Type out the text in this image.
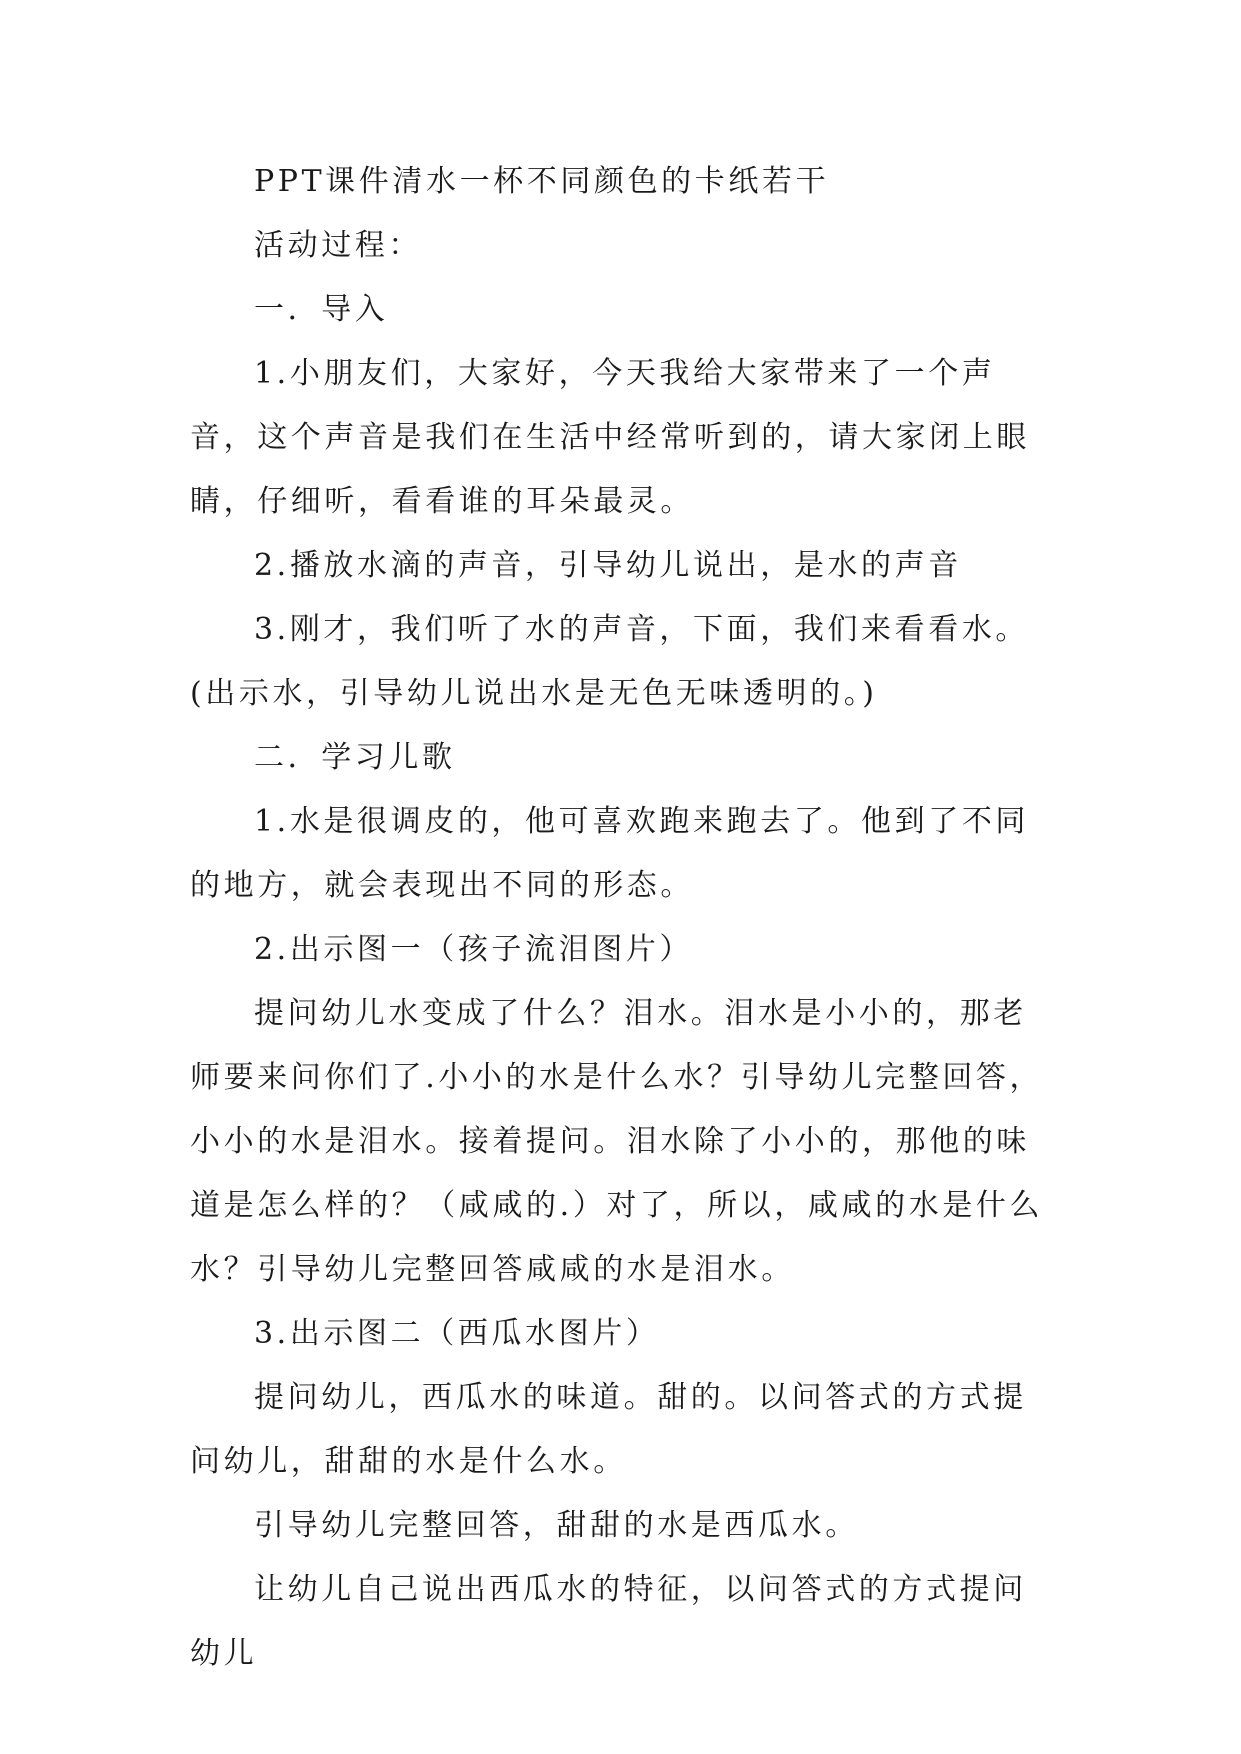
PPT课件清水一杯不同颜色的卡纸若干

活动过程：

一．导入

1.小朋友们，大家好，今天我给大家带来了一个声音，这个声音是我们在生活中经常听到的，请大家闭上眼睛，仔细听，看看谁的耳朵最灵。

2.播放水滴的声音，引导幼儿说出，是水的声音

3.刚才，我们听了水的声音，下面，我们来看看水。(出示水，引导幼儿说出水是无色无味透明的。)

二．学习儿歌

1.水是很调皮的，他可喜欢跑来跑去了。他到了不同的地方，就会表现出不同的形态。

2.出示图一（孩子流泪图片）

提问幼儿水变成了什么？泪水。泪水是小小的，那老师要来问你们了.小小的水是什么水？引导幼儿完整回答，小小的水是泪水。接着提问。泪水除了小小的，那他的味道是怎么样的？（咸咸的.）对了，所以，咸咸的水是什么水？引导幼儿完整回答咸咸的水是泪水。

3.出示图二（西瓜水图片）

提问幼儿，西瓜水的味道。甜的。以问答式的方式提问幼儿，甜甜的水是什么水。

引导幼儿完整回答，甜甜的水是西瓜水。

让幼儿自己说出西瓜水的特征，以问答式的方式提问幼儿
